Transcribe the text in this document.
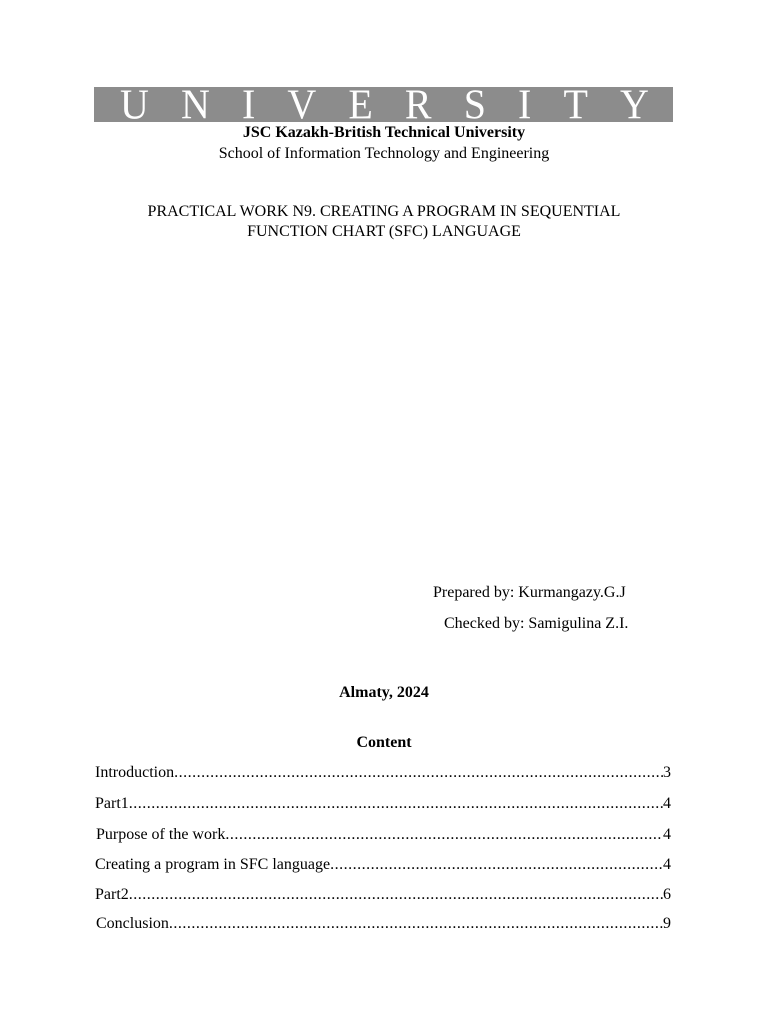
U N I V E R S I T Y
JSC Kazakh-British Technical University
School of Information Technology and Engineering
PRACTICAL WORK N9. CREATING A PROGRAM IN SEQUENTIAL
FUNCTION CHART (SFC) LANGUAGE
Prepared by: Kurmangazy.G.J
Checked by: Samigulina Z.I.
Almaty, 2024
Content
Introduction .....	3
Part1 .....	4
Purpose of the work .....	4
Creating a program in SFC language .....	4
Part2 .....	6
Conclusion .....	9
